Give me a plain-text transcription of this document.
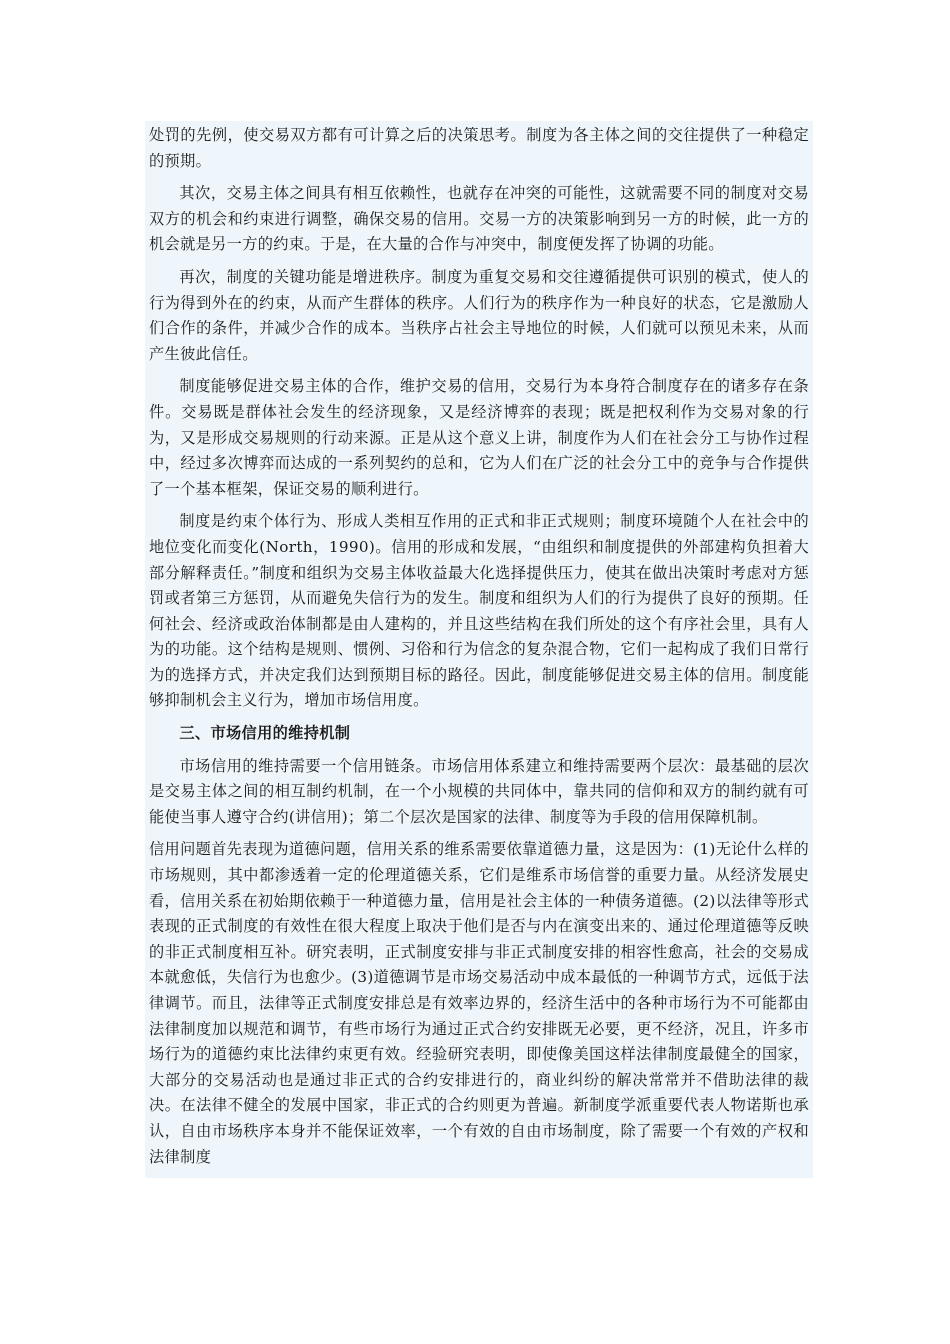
处罚的先例，使交易双方都有可计算之后的决策思考。制度为各主体之间的交往提供了一种稳定的预期。

其次，交易主体之间具有相互依赖性，也就存在冲突的可能性，这就需要不同的制度对交易双方的机会和约束进行调整，确保交易的信用。交易一方的决策影响到另一方的时候，此一方的机会就是另一方的约束。于是，在大量的合作与冲突中，制度便发挥了协调的功能。

再次，制度的关键功能是增进秩序。制度为重复交易和交往遵循提供可识别的模式，使人的行为得到外在的约束，从而产生群体的秩序。人们行为的秩序作为一种良好的状态，它是激励人们合作的条件，并减少合作的成本。当秩序占社会主导地位的时候，人们就可以预见未来，从而产生彼此信任。

制度能够促进交易主体的合作，维护交易的信用，交易行为本身符合制度存在的诸多存在条件。交易既是群体社会发生的经济现象，又是经济博弈的表现；既是把权利作为交易对象的行为，又是形成交易规则的行动来源。正是从这个意义上讲，制度作为人们在社会分工与协作过程中，经过多次博弈而达成的一系列契约的总和，它为人们在广泛的社会分工中的竞争与合作提供了一个基本框架，保证交易的顺利进行。

制度是约束个体行为、形成人类相互作用的正式和非正式规则；制度环境随个人在社会中的地位变化而变化(North，1990)。信用的形成和发展，“由组织和制度提供的外部建构负担着大部分解释责任。”制度和组织为交易主体收益最大化选择提供压力，使其在做出决策时考虑对方惩罚或者第三方惩罚，从而避免失信行为的发生。制度和组织为人们的行为提供了良好的预期。任何社会、经济或政治体制都是由人建构的，并且这些结构在我们所处的这个有序社会里，具有人为的功能。这个结构是规则、惯例、习俗和行为信念的复杂混合物，它们一起构成了我们日常行为的选择方式，并决定我们达到预期目标的路径。因此，制度能够促进交易主体的信用。制度能够抑制机会主义行为，增加市场信用度。

三、市场信用的维持机制

市场信用的维持需要一个信用链条。市场信用体系建立和维持需要两个层次：最基础的层次是交易主体之间的相互制约机制，在一个小规模的共同体中，靠共同的信仰和双方的制约就有可能使当事人遵守合约(讲信用)；第二个层次是国家的法律、制度等为手段的信用保障机制。

信用问题首先表现为道德问题，信用关系的维系需要依靠道德力量，这是因为：(1)无论什么样的市场规则，其中都渗透着一定的伦理道德关系，它们是维系市场信誉的重要力量。从经济发展史看，信用关系在初始期依赖于一种道德力量，信用是社会主体的一种债务道德。(2)以法律等形式表现的正式制度的有效性在很大程度上取决于他们是否与内在演变出来的、通过伦理道德等反映的非正式制度相互补。研究表明，正式制度安排与非正式制度安排的相容性愈高，社会的交易成本就愈低，失信行为也愈少。(3)道德调节是市场交易活动中成本最低的一种调节方式，远低于法律调节。而且，法律等正式制度安排总是有效率边界的，经济生活中的各种市场行为不可能都由法律制度加以规范和调节，有些市场行为通过正式合约安排既无必要，更不经济，况且，许多市场行为的道德约束比法律约束更有效。经验研究表明，即使像美国这样法律制度最健全的国家，大部分的交易活动也是通过非正式的合约安排进行的，商业纠纷的解决常常并不借助法律的裁决。在法律不健全的发展中国家，非正式的合约则更为普遍。新制度学派重要代表人物诺斯也承认，自由市场秩序本身并不能保证效率，一个有效的自由市场制度，除了需要一个有效的产权和法律制度
